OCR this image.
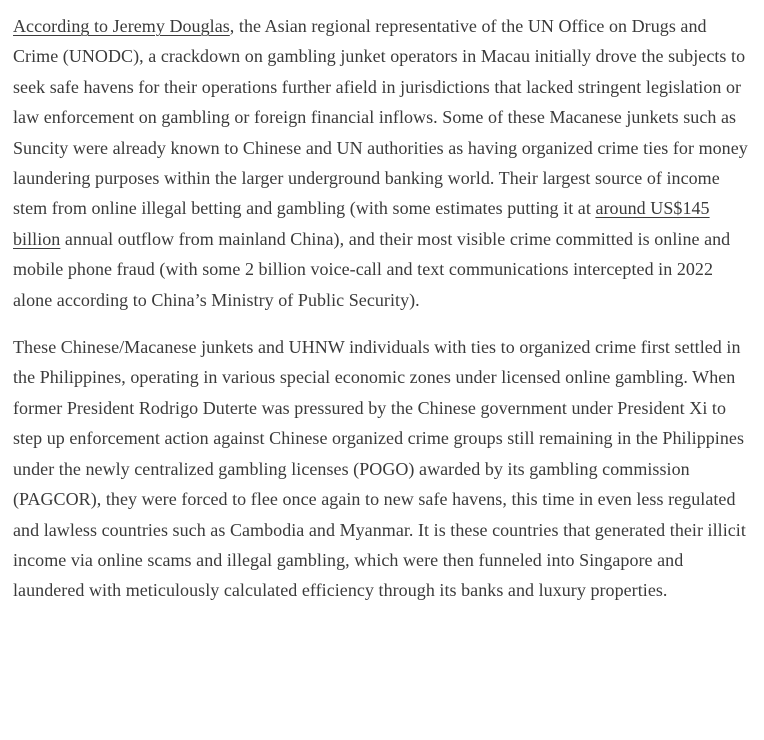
According to Jeremy Douglas, the Asian regional representative of the UN Office on Drugs and Crime (UNODC), a crackdown on gambling junket operators in Macau initially drove the subjects to seek safe havens for their operations further afield in jurisdictions that lacked stringent legislation or law enforcement on gambling or foreign financial inflows. Some of these Macanese junkets such as Suncity were already known to Chinese and UN authorities as having organized crime ties for money laundering purposes within the larger underground banking world. Their largest source of income stem from online illegal betting and gambling (with some estimates putting it at around US$145 billion annual outflow from mainland China), and their most visible crime committed is online and mobile phone fraud (with some 2 billion voice-call and text communications intercepted in 2022 alone according to China’s Ministry of Public Security).

These Chinese/Macanese junkets and UHNW individuals with ties to organized crime first settled in the Philippines, operating in various special economic zones under licensed online gambling. When former President Rodrigo Duterte was pressured by the Chinese government under President Xi to step up enforcement action against Chinese organized crime groups still remaining in the Philippines under the newly centralized gambling licenses (POGO) awarded by its gambling commission (PAGCOR), they were forced to flee once again to new safe havens, this time in even less regulated and lawless countries such as Cambodia and Myanmar. It is these countries that generated their illicit income via online scams and illegal gambling, which were then funneled into Singapore and laundered with meticulously calculated efficiency through its banks and luxury properties.
